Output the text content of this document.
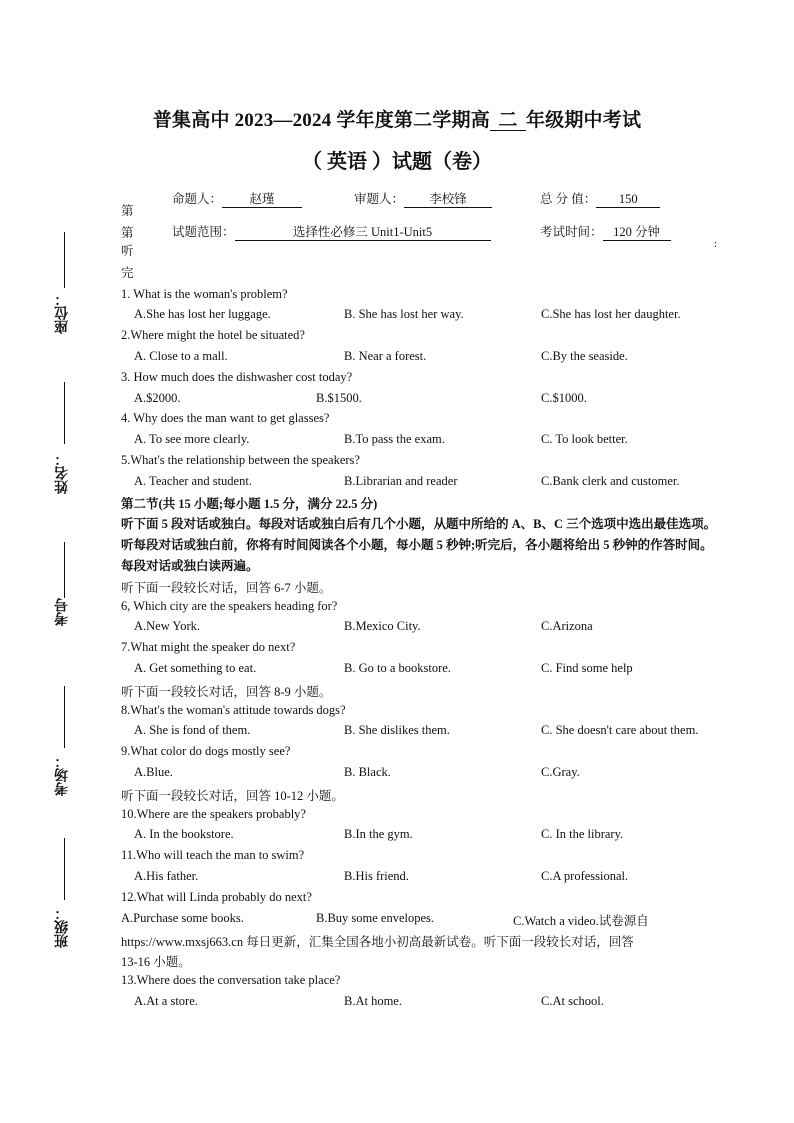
普集高中 2023—2024 学年度第二学期高 二 年级期中考试
（ 英语 ）试题（卷）
命题人： 赵瑾	审题人： 李校锋	总 分 值： 150
试题范围：	选择性必修三 Unit1-Unit5	考试时间： 120 分钟
第
第
听
完
:
座位：
姓名：
考号
考场：
班级：
1. What is the woman's problem?
A.She has lost her luggage.	B. She has lost her way.	C.She has lost her daughter.
2.Where might the hotel be situated?
A. Close to a mall.	B. Near a forest.	C.By the seaside.
3. How much does the dishwasher cost today?
A.$2000.	B.$1500.	C.$1000.
4. Why does the man want to get glasses?
A. To see more clearly.	B.To pass the exam.	C. To look better.
5.What's the relationship between the speakers?
A. Teacher and student.	B.Librarian and reader	C.Bank clerk and customer.
第二节(共 15 小题;每小题 1.5 分，满分 22.5 分)
听下面 5 段对话或独白。每段对话或独白后有几个小题，从题中所给的 A、B、C 三个选项中选出最佳选项。听每段对话或独白前，你将有时间阅读各个小题，每小题 5 秒钟;听完后，各小题将给出 5 秒钟的作答时间。每段对话或独白读两遍。
听下面一段较长对话，回答 6-7 小题。
6, Which city are the speakers heading for?
A.New York.	B.Mexico City.	C.Arizona
7.What might the speaker do next?
A. Get something to eat.	B. Go to a bookstore.	C. Find some help
听下面一段较长对话，回答 8-9 小题。
8.What's the woman's attitude towards dogs?
A. She is fond of them.	B. She dislikes them.	C. She doesn't care about them.
9.What color do dogs mostly see?
A.Blue.	B. Black.	C.Gray.
听下面一段较长对话，回答 10-12 小题。
10.Where are the speakers probably?
A. In the bookstore.	B.In the gym.	C. In the library.
11.Who will teach the man to swim?
A.His father.	B.His friend.	C.A professional.
12.What will Linda probably do next?
A.Purchase some books.	B.Buy some envelopes.	C.Watch a video.试卷源自
https://www.mxsj663.cn 每日更新，汇集全国各地小初高最新试卷。听下面一段较长对话，回答
13-16 小题。
13.Where does the conversation take place?
A.At a store.	B.At home.	C.At school.
